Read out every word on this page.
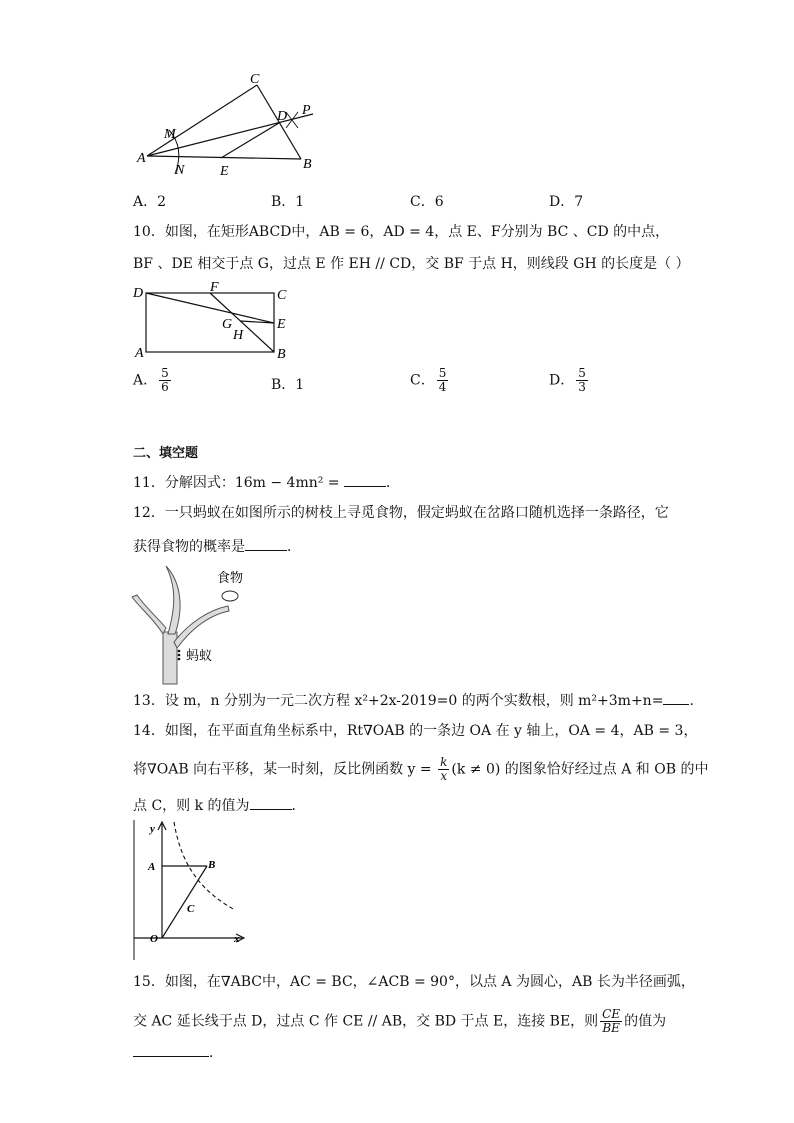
C
M
D P
A
N	E	B
A．2	B．1	C．6	D．7
10．如图，在矩形ABCD中，AB = 6，AD = 4，点 E、F分别为 BC 、CD 的中点，
BF 、DE 相交于点 G，过点 E 作 EH // CD，交 BF 于点 H，则线段 GH 的长度是（ ）
D	F
C
G	E
H
A	B
A． $\frac{5}{6}$	B．1	C． $\frac{5}{4}$	D． $\frac{5}{3}$
二、填空题
11．分解因式：16m − 4mn² =	．
12．一只蚂蚁在如图所示的树枝上寻觅食物，假定蚂蚁在岔路口随机选择一条路径，它
获得食物的概率是	．
食物
蚂蚁
13．设 m，n 分别为一元二次方程 x²+2x-2019=0 的两个实数根，则 m²+3m+n= .
14．如图，在平面直角坐标系中，Rt∇OAB 的一条边 OA 在 y 轴上，OA = 4，AB = 3，
将∇OAB 向右平移，某一时刻，反比例函数 $y = \frac{k}{x} (k \ne 0)$ 的图象恰好经过点 A 和 OB 的中
点 C，则 k 的值为	．
y
A	B
C
O	x
15．如图，在∇ABC中，AC = BC，∠ACB = 90°，以点 A 为圆心，AB 长为半径画弧，
交 AC 延长线于点 D，过点 C 作 CE // AB，交 BD 于点 E，连接 BE，则 $\frac{CE}{BE}$ 的值为
．
